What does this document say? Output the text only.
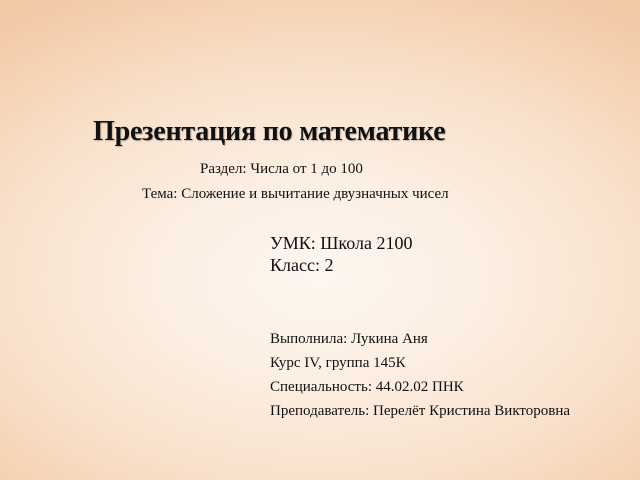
Презентация по математике
Раздел: Числа от 1 до 100
Тема: Сложение и вычитание двузначных чисел
УМК: Школа 2100
Класс: 2
Выполнила: Лукина Аня
Курс IV, группа 145К
Специальность: 44.02.02 ПНК
Преподаватель: Перелёт Кристина Викторовна
